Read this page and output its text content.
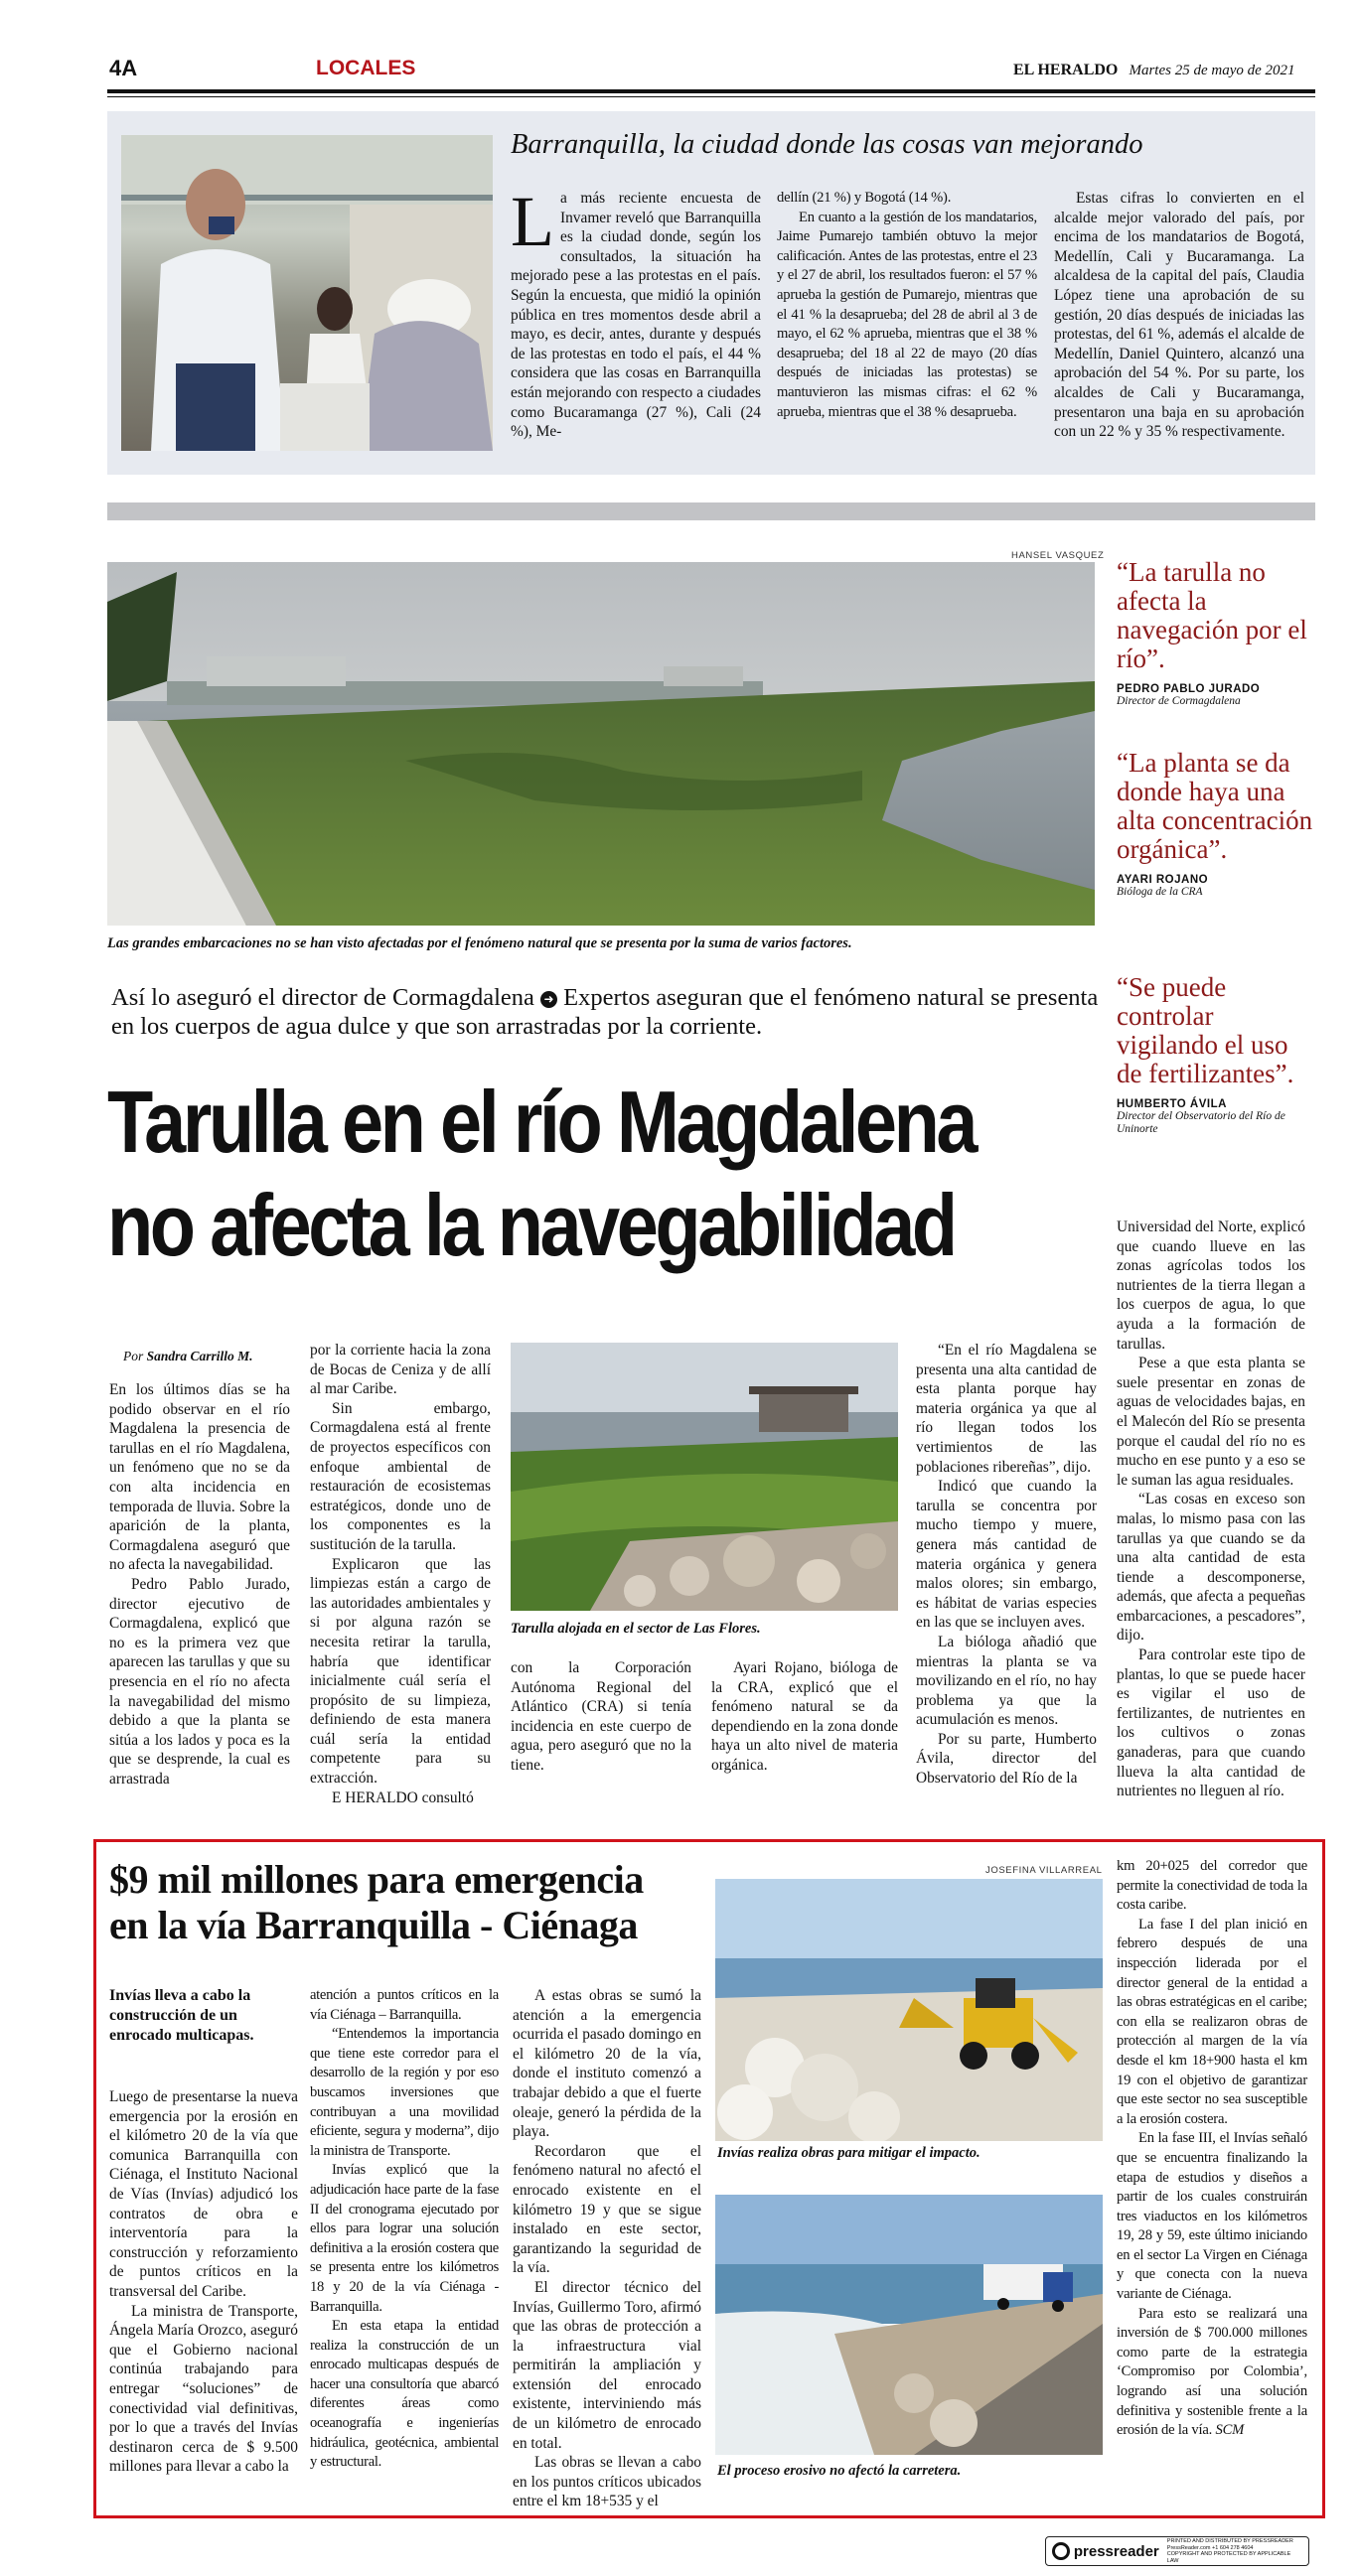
4A	LOCALES	EL HERALDO Martes 25 de mayo de 2021
Barranquilla, la ciudad donde las cosas van mejorando

La más reciente encuesta de Invamer reveló que Barranquilla es la ciudad donde, según los consultados, la situación ha mejorado pese a las protestas en el país. Según la encuesta, que midió la opinión pública en tres momentos desde abril a mayo, es decir, antes, durante y después de las protestas en todo el país, el 44 % considera que las cosas en Barranquilla están mejorando con respecto a ciudades como Bucaramanga (27 %), Cali (24 %), Me-

dellín (21 %) y Bogotá (14 %).

En cuanto a la gestión de los mandatarios, Jaime Pumarejo también obtuvo la mejor calificación. Antes de las protestas, entre el 23 y el 27 de abril, los resultados fueron: el 57 % aprueba la gestión de Pumarejo, mientras que el 41 % la desaprueba; del 28 de abril al 3 de mayo, el 62 % aprueba, mientras que el 38 % desaprueba; del 18 al 22 de mayo (20 días después de iniciadas las protestas) se mantuvieron las mismas cifras: el 62 % aprueba, mientras que el 38 % desaprueba.

Estas cifras lo convierten en el alcalde mejor valorado del país, por encima de los mandatarios de Bogotá, Medellín, Cali y Bucaramanga. La alcaldesa de la capital del país, Claudia López tiene una aprobación de su gestión, 20 días después de iniciadas las protestas, del 61 %, además el alcalde de Medellín, Daniel Quintero, alcanzó una aprobación del 54 %. Por su parte, los alcaldes de Cali y Bucaramanga, presentaron una baja en su aprobación con un 22 % y 35 % respectivamente.

HANSEL VASQUEZ
Las grandes embarcaciones no se han visto afectadas por el fenómeno natural que se presenta por la suma de varios factores.
Así lo aseguró el director de Cormagdalena ➜ Expertos aseguran que el fenómeno natural se presenta en los cuerpos de agua dulce y que son arrastradas por la corriente.
Tarulla en el río Magdalena
no afecta la navegabilidad
“La tarulla no afecta la navegación por el río”.
PEDRO PABLO JURADO
Director de Cormagdalena
“La planta se da donde haya una alta concentración orgánica”.
AYARI ROJANO
Bióloga de la CRA
“Se puede controlar vigilando el uso de fertilizantes”.
HUMBERTO ÁVILA
Director del Observatorio del Río de Uninorte
Por Sandra Carrillo M.

En los últimos días se ha podido observar en el río Magdalena la presencia de tarullas en el río Magdalena, un fenómeno que no se da con alta incidencia en temporada de lluvia. Sobre la aparición de la planta, Cormagdalena aseguró que no afecta la navegabilidad.

Pedro Pablo Jurado, director ejecutivo de Cormagdalena, explicó que no es la primera vez que aparecen las tarullas y que su presencia en el río no afecta la navegabilidad del mismo debido a que la planta se sitúa a los lados y poca es la que se desprende, la cual es arrastrada

por la corriente hacia la zona de Bocas de Ceniza y de allí al mar Caribe.

Sin embargo, Cormagdalena está al frente de proyectos específicos con enfoque ambiental de restauración de ecosistemas estratégicos, donde uno de los componentes es la sustitución de la tarulla.

Explicaron que las limpiezas están a cargo de las autoridades ambientales y si por alguna razón se necesita retirar la tarulla, habría que identificar inicialmente cuál sería el propósito de su limpieza, definiendo de esta manera cuál sería la entidad competente para su extracción.

E HERALDO consultó

Tarulla alojada en el sector de Las Flores.

con la Corporación Autónoma Regional del Atlántico (CRA) si tenía incidencia en este cuerpo de agua, pero aseguró que no la tiene.

Ayari Rojano, bióloga de la CRA, explicó que el fenómeno natural se da dependiendo en la zona donde haya un alto nivel de materia orgánica.

“En el río Magdalena se presenta una alta cantidad de esta planta porque hay materia orgánica ya que al río llegan todos los vertimientos de las poblaciones ribereñas”, dijo.

Indicó que cuando la tarulla se concentra por mucho tiempo y muere, genera más cantidad de materia orgánica y genera malos olores; sin embargo, es hábitat de varias especies en las que se incluyen aves.

La bióloga añadió que mientras la planta se va movilizando en el río, no hay problema ya que la acumulación es menos.

Por su parte, Humberto Ávila, director del Observatorio del Río de la

Universidad del Norte, explicó que cuando llueve en las zonas agrícolas todos los nutrientes de la tierra llegan a los cuerpos de agua, lo que ayuda a la formación de tarullas.

Pese a que esta planta se suele presentar en zonas de aguas de velocidades bajas, en el Malecón del Río se presenta porque el caudal del río no es mucho en ese punto y a eso se le suman las agua residuales.

“Las cosas en exceso son malas, lo mismo pasa con las tarullas ya que cuando se da una alta cantidad de esta tiende a descomponerse, además, que afecta a pequeñas embarcaciones, a pescadores”, dijo.

Para controlar este tipo de plantas, lo que se puede hacer es vigilar el uso de fertilizantes, de nutrientes en los cultivos o zonas ganaderas, para que cuando llueva la alta cantidad de nutrientes no lleguen al río.

$9 mil millones para emergencia
en la vía Barranquilla - Ciénaga
Invías lleva a cabo la construcción de un enrocado multicapas.

Luego de presentarse la nueva emergencia por la erosión en el kilómetro 20 de la vía que comunica Barranquilla con Ciénaga, el Instituto Nacional de Vías (Invías) adjudicó los contratos de obra e interventoría para la construcción y reforzamiento de puntos críticos en la transversal del Caribe.

La ministra de Transporte, Ángela María Orozco, aseguró que el Gobierno nacional continúa trabajando para entregar “soluciones” de conectividad vial definitivas, por lo que a través del Invías destinaron cerca de $ 9.500 millones para llevar a cabo la

atención a puntos críticos en la vía Ciénaga – Barranquilla.

“Entendemos la importancia que tiene este corredor para el desarrollo de la región y por eso buscamos inversiones que contribuyan a una movilidad eficiente, segura y moderna”, dijo la ministra de Transporte.

Invías explicó que la adjudicación hace parte de la fase II del cronograma ejecutado por ellos para lograr una solución definitiva a la erosión costera que se presenta entre los kilómetros 18 y 20 de la vía Ciénaga - Barranquilla.

En esta etapa la entidad realiza la construcción de un enrocado multicapas después de hacer una consultoría que abarcó diferentes áreas como oceanografía e ingenierías hidráulica, geotécnica, ambiental y estructural.

A estas obras se sumó la atención a la emergencia ocurrida el pasado domingo en el kilómetro 20 de la vía, donde el instituto comenzó a trabajar debido a que el fuerte oleaje, generó la pérdida de la playa.

Recordaron que el fenómeno natural no afectó el enrocado existente en el kilómetro 19 y que se sigue instalado en este sector, garantizando la seguridad de la vía.

El director técnico del Invías, Guillermo Toro, afirmó que las obras de protección a la infraestructura vial permitirán la ampliación y extensión del enrocado existente, interviniendo más de un kilómetro de enrocado en total.

Las obras se llevan a cabo en los puntos críticos ubicados entre el km 18+535 y el

JOSEFINA VILLARREAL
Invías realiza obras para mitigar el impacto.
El proceso erosivo no afectó la carretera.

km 20+025 del corredor que permite la conectividad de toda la costa caribe.

La fase I del plan inició en febrero después de una inspección liderada por el director general de la entidad a las obras estratégicas en el caribe; con ella se realizaron obras de protección al margen de la vía desde el km 18+900 hasta el km 19 con el objetivo de garantizar que este sector no sea susceptible a la erosión costera.

En la fase III, el Invías señaló que se encuentra finalizando la etapa de estudios y diseños a partir de los cuales construirán tres viaductos en los kilómetros 19, 28 y 59, este último iniciando en el sector La Virgen en Ciénaga y que conecta con la nueva variante de Ciénaga.

Para esto se realizará una inversión de $ 700.000 millones como parte de la estrategia ‘Compromiso por Colombia’, logrando así una solución definitiva y sostenible frente a la erosión de la vía. SCM

pressreader
PRINTED AND DISTRIBUTED BY PRESSREADER
PressReader.com +1 604 278 4604
COPYRIGHT AND PROTECTED BY APPLICABLE LAW
